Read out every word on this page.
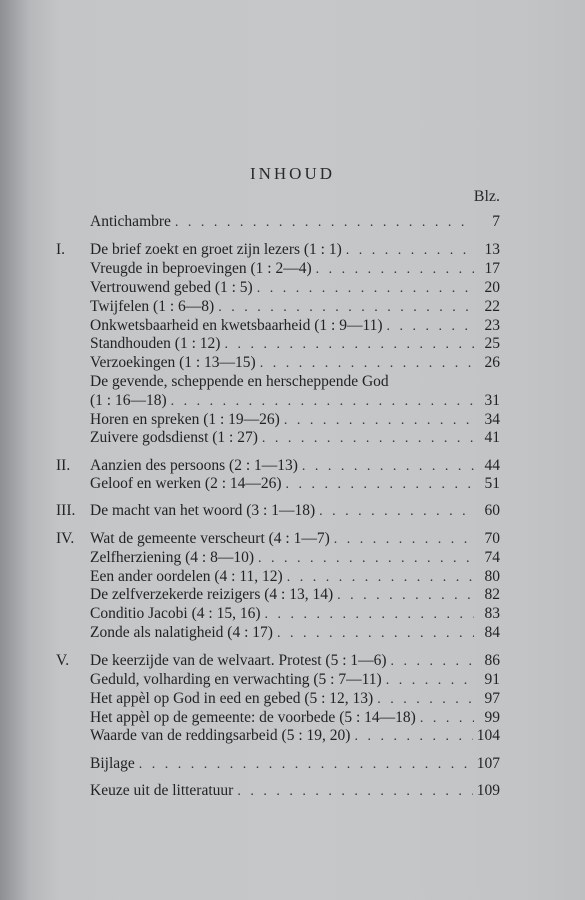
INHOUD
Blz.
Antichambre . . .	7
I.	De brief zoekt en groet zijn lezers (1 : 1) . . .	13
Vreugde in beproevingen (1 : 2—4) . . .	17
Vertrouwend gebed (1 : 5) . . .	20
Twijfelen (1 : 6—8) . . .	22
Onkwetsbaarheid en kwetsbaarheid (1 : 9—11) . . .	23
Standhouden (1 : 12) . . .	25
Verzoekingen (1 : 13—15) . . .	26
De gevende, scheppende en herscheppende God
(1 : 16—18) . . .	31
Horen en spreken (1 : 19—26) . . .	34
Zuivere godsdienst (1 : 27) . . .	41
II.	Aanzien des persoons (2 : 1—13) . . .	44
Geloof en werken (2 : 14—26) . . .	51
III. De macht van het woord (3 : 1—18) . . .	60
IV.	Wat de gemeente verscheurt (4 : 1—7) . . .	70
Zelfherziening (4 : 8—10) . . .	74
Een ander oordelen (4 : 11, 12) . . .	80
De zelfverzekerde reizigers (4 : 13, 14) . . .	82
Conditio Jacobi (4 : 15, 16) . . .	83
Zonde als nalatigheid (4 : 17) . . .	84
V.	De keerzijde van de welvaart. Protest (5 : 1—6) . . .	86
Geduld, volharding en verwachting (5 : 7—11) . . .	91
Het appèl op God in eed en gebed (5 : 12, 13) . . .	97
Het appèl op de gemeente: de voorbede (5 : 14—18) . . .	99
Waarde van de reddingsarbeid (5 : 19, 20) . . .	104
Bijlage . . .	107
Keuze uit de litteratuur . . .	109
